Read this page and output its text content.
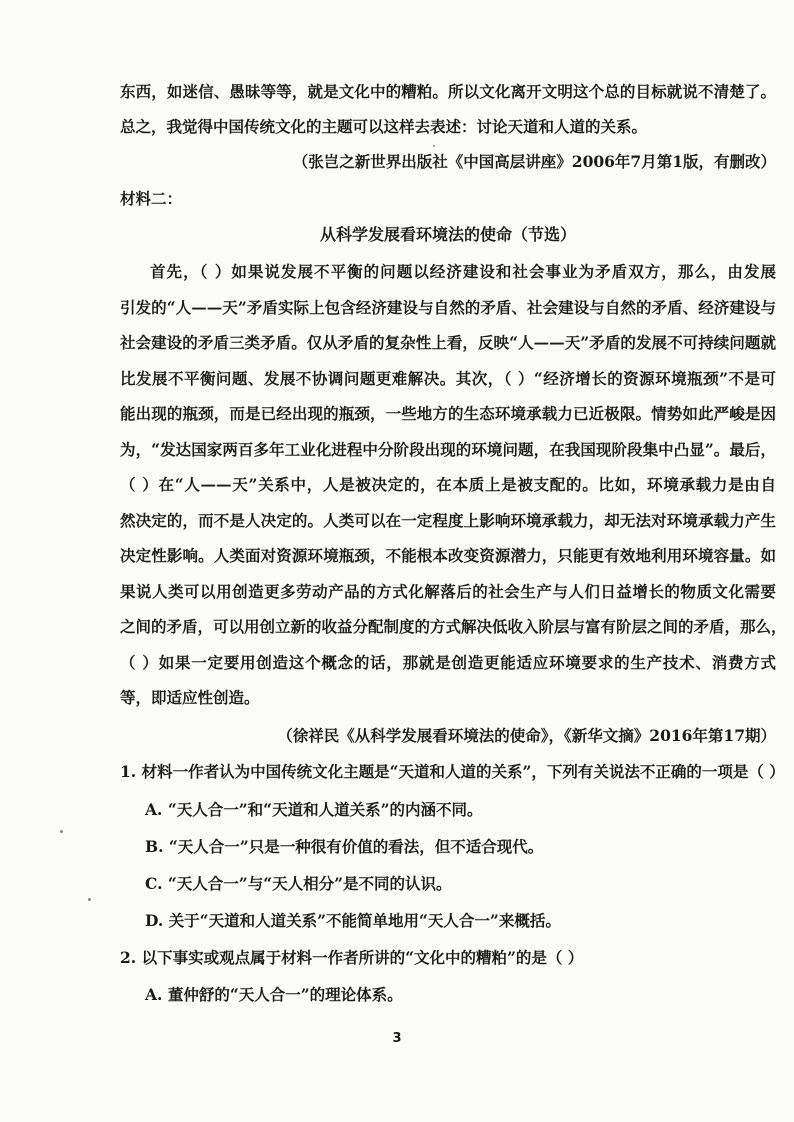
东西，如迷信、愚昧等等，就是文化中的糟粕。所以文化离开文明这个总的目标就说不清楚了。
总之，我觉得中国传统文化的主题可以这样去表述：讨论天道和人道的关系。
（张岂之新世界出版社《中国高层讲座》2006年7月第1版，有删改）
材料二：
从科学发展看环境法的使命（节选）
首先，（ ）如果说发展不平衡的问题以经济建设和社会事业为矛盾双方，那么，由发展
引发的“人——天”矛盾实际上包含经济建设与自然的矛盾、社会建设与自然的矛盾、经济建设与
社会建设的矛盾三类矛盾。仅从矛盾的复杂性上看，反映“人——天”矛盾的发展不可持续问题就
比发展不平衡问题、发展不协调问题更难解决。其次，（ ）“经济增长的资源环境瓶颈”不是可
能出现的瓶颈，而是已经出现的瓶颈，一些地方的生态环境承载力已近极限。情势如此严峻是因
为，“发达国家两百多年工业化进程中分阶段出现的环境问题，在我国现阶段集中凸显”。最后，
（ ）在“人——天”关系中，人是被决定的，在本质上是被支配的。比如，环境承载力是由自
然决定的，而不是人决定的。人类可以在一定程度上影响环境承载力，却无法对环境承载力产生
决定性影响。人类面对资源环境瓶颈，不能根本改变资源潜力，只能更有效地利用环境容量。如
果说人类可以用创造更多劳动产品的方式化解落后的社会生产与人们日益增长的物质文化需要
之间的矛盾，可以用创立新的收益分配制度的方式解决低收入阶层与富有阶层之间的矛盾，那么，
（ ）如果一定要用创造这个概念的话，那就是创造更能适应环境要求的生产技术、消费方式
等，即适应性创造。
（徐祥民《从科学发展看环境法的使命》，《新华文摘》2016年第17期）
1. 材料一作者认为中国传统文化主题是“天道和人道的关系”，下列有关说法不正确的一项是（ ）
A. “天人合一”和“天道和人道关系”的内涵不同。
B. “天人合一”只是一种很有价值的看法，但不适合现代。
C. “天人合一”与“天人相分”是不同的认识。
D. 关于“天道和人道关系”不能简单地用“天人合一”来概括。
2. 以下事实或观点属于材料一作者所讲的“文化中的糟粕”的是（ ）
A. 董仲舒的“天人合一”的理论体系。
3
